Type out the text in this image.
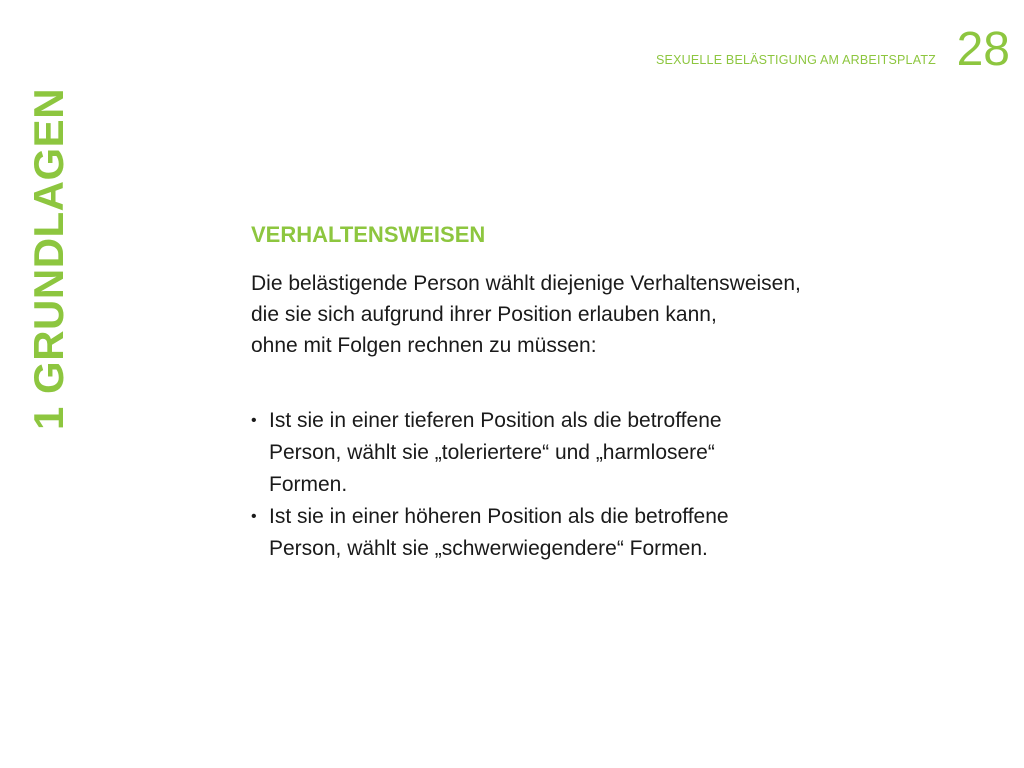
1 GRUNDLAGEN
SEXUELLE BELÄSTIGUNG AM ARBEITSPLATZ 28
VERHALTENSWEISEN
Die belästigende Person wählt diejenige Verhaltensweisen,
die sie sich aufgrund ihrer Position erlauben kann,
ohne mit Folgen rechnen zu müssen:
• Ist sie in einer tieferen Position als die betroffene
Person, wählt sie „toleriertere“ und „harmlosere“
Formen.
• Ist sie in einer höheren Position als die betroffene
Person, wählt sie „schwerwiegendere“ Formen.
